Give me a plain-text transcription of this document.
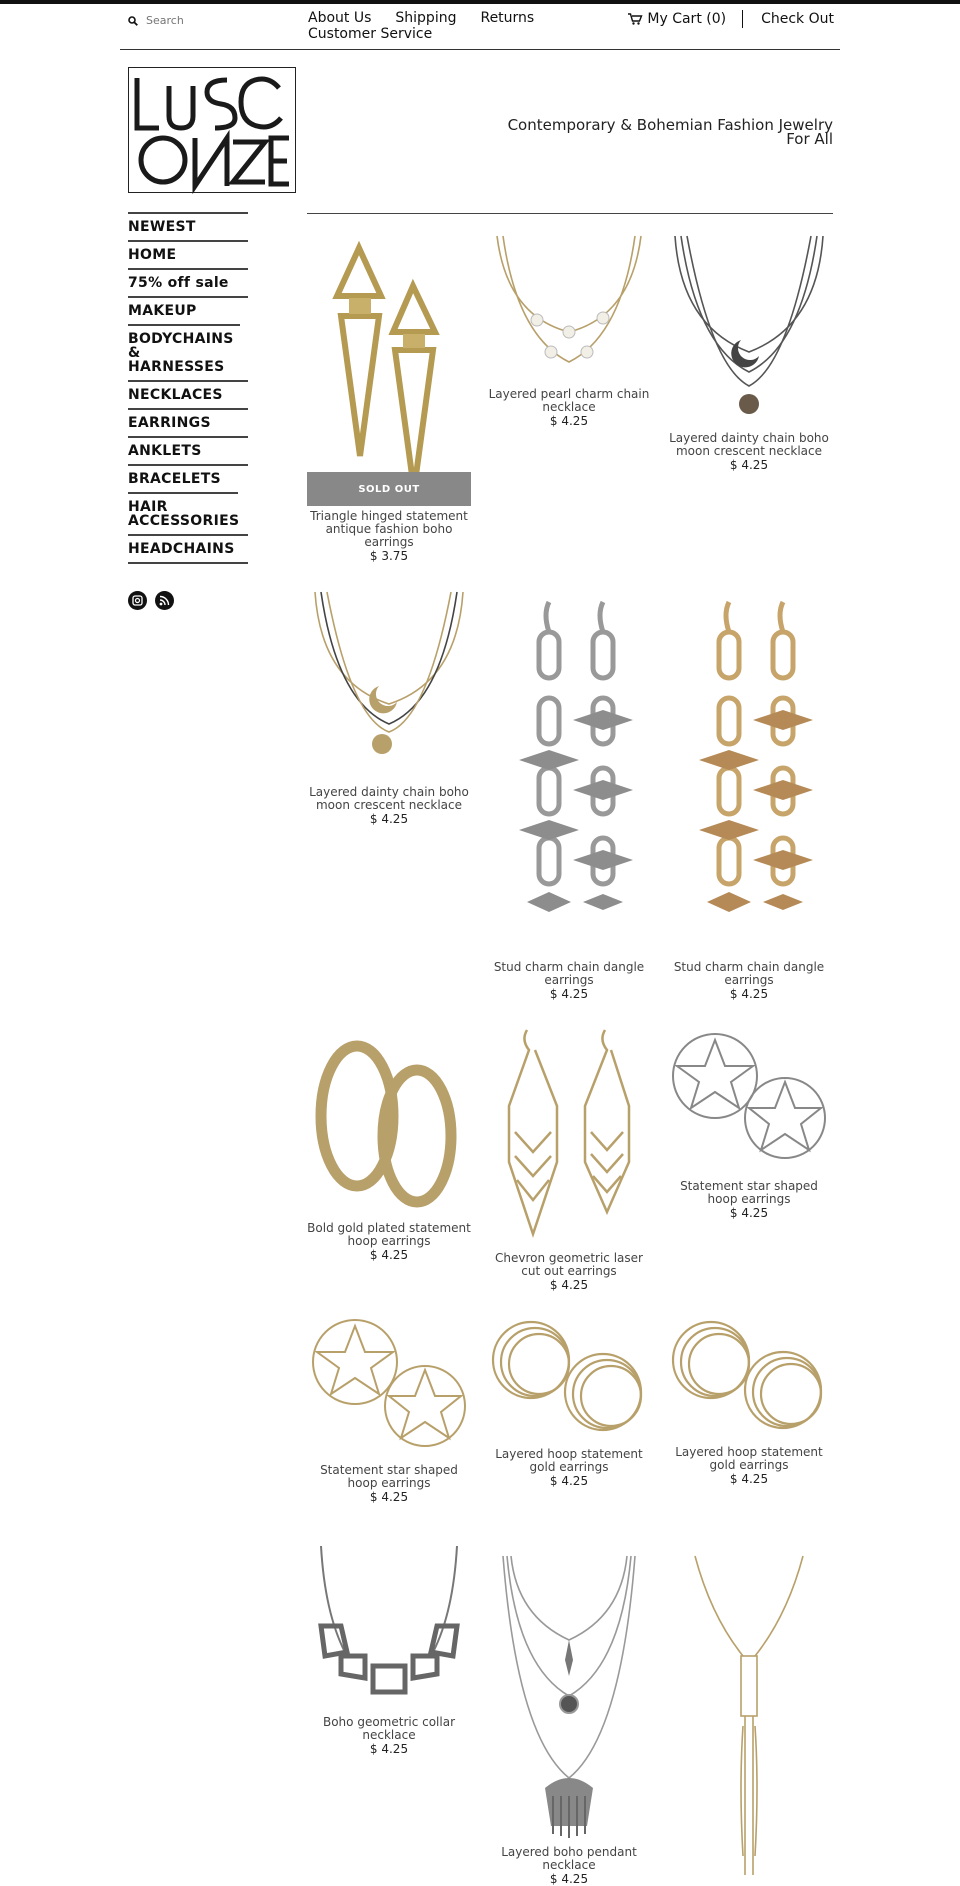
Search
About Us Shipping Returns
Customer Service
My Cart (0)	Check Out
Contemporary & Bohemian Fashion Jewelry For All
NEWEST
HOME
75% off sale
MAKEUP
BODYCHAINS & HARNESSES
NECKLACES
EARRINGS
ANKLETS
BRACELETS
HAIR ACCESSORIES
HEADCHAINS
SOLD OUT
Triangle hinged statement antique fashion boho earrings
$ 3.75
Layered pearl charm chain necklace
$ 4.25
Layered dainty chain boho moon crescent necklace
$ 4.25
Layered dainty chain boho moon crescent necklace
$ 4.25
Stud charm chain dangle earrings
$ 4.25
Stud charm chain dangle earrings
$ 4.25
Bold gold plated statement hoop earrings
$ 4.25	Chevron geometric laser cut out earrings
$ 4.25
Statement star shaped hoop earrings
$ 4.25
Statement star shaped hoop earrings
$ 4.25
Layered hoop statement gold earrings
$ 4.25
Layered hoop statement gold earrings
$ 4.25
Boho geometric collar necklace
$ 4.25
Layered boho pendant necklace
$ 4.25
